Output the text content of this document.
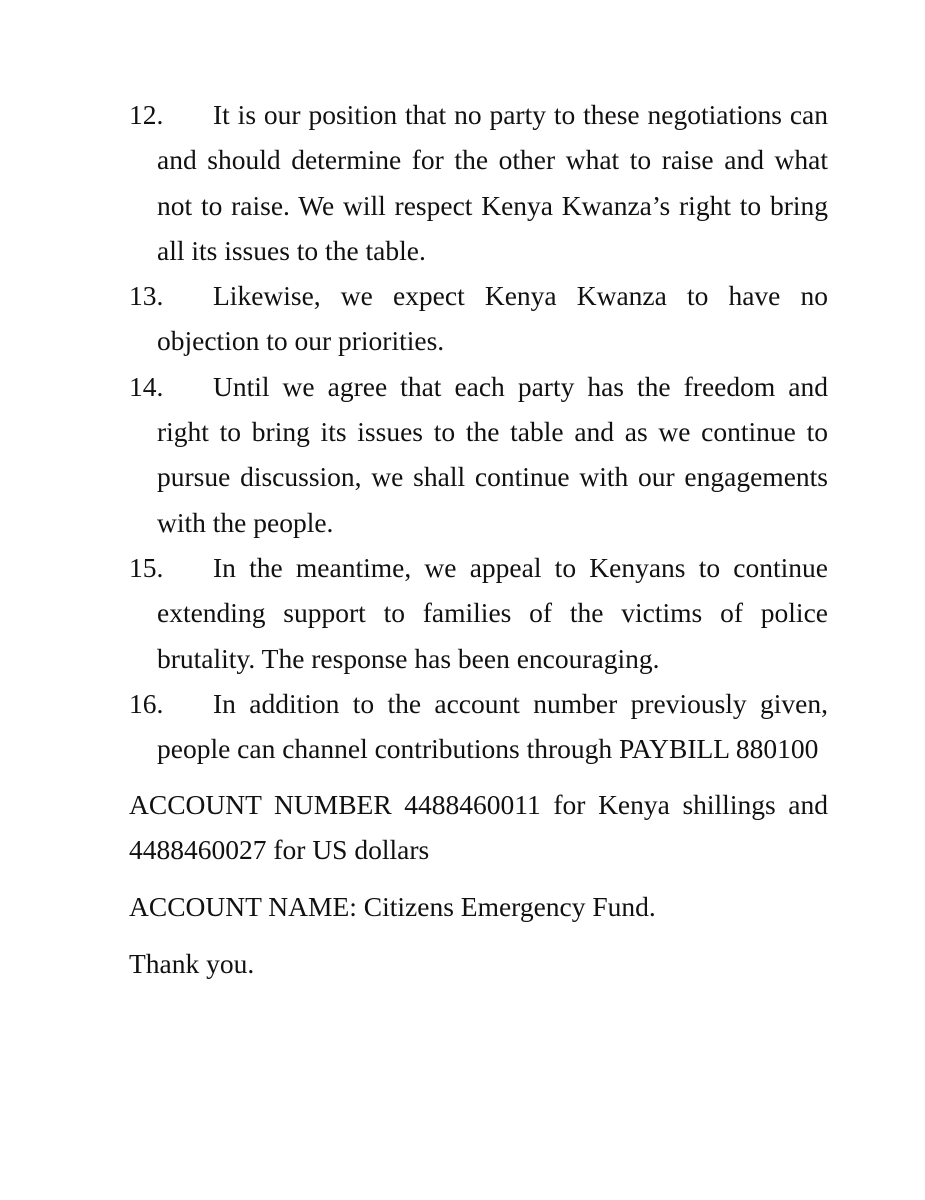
12.	It is our position that no party to these negotiations can and should determine for the other what to raise and what not to raise. We will respect Kenya Kwanza’s right to bring all its issues to the table.
13.	Likewise, we expect Kenya Kwanza to have no objection to our priorities.
14.	Until we agree that each party has the freedom and right to bring its issues to the table and as we continue to pursue discussion, we shall continue with our engagements with the people.
15.	In the meantime, we appeal to Kenyans to continue extending support to families of the victims of police brutality. The response has been encouraging.
16.	In addition to the account number previously given, people can channel contributions through PAYBILL 880100
ACCOUNT NUMBER 4488460011 for Kenya shillings and 4488460027 for US dollars
ACCOUNT NAME: Citizens Emergency Fund.
Thank you.
